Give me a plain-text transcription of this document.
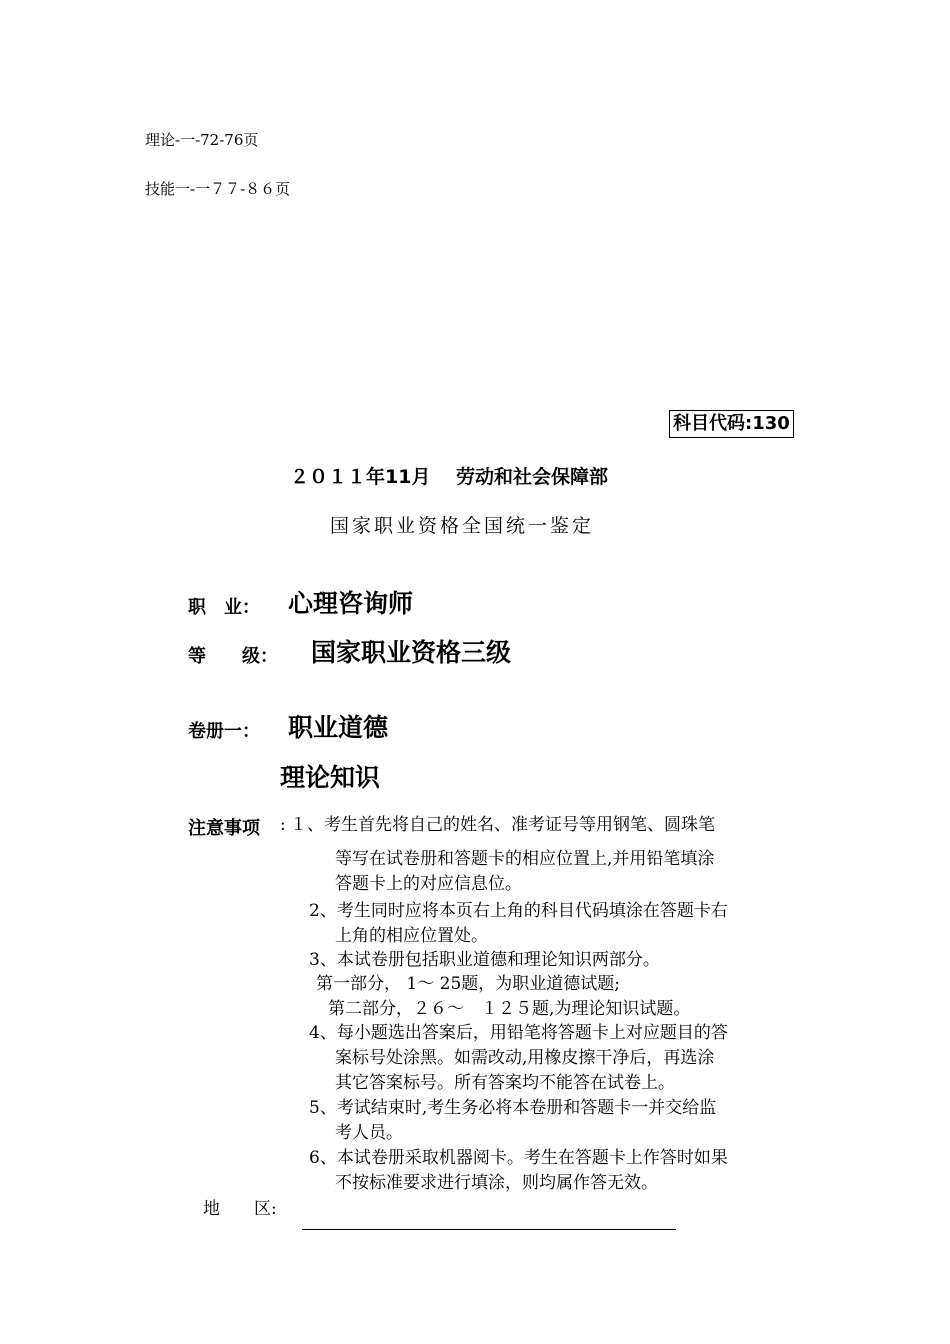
理论-一-72-76页
技能一-一７７-８６页
科目代码:130
２０１１年11月　 劳动和社会保障部
国家职业资格全国统一鉴定
职　业： 心理咨询师
等　　级： 国家职业资格三级
卷册一： 职业道德
理论知识
注意事项 : １、考生首先将自己的姓名、准考证号等用钢笔、圆珠笔
等写在试卷册和答题卡的相应位置上,并用铅笔填涂
答题卡上的对应信息位。
2、考生同时应将本页右上角的科目代码填涂在答题卡右
上角的相应位置处。
3、本试卷册包括职业道德和理论知识两部分。
第一部分， 1～ 25题，为职业道德试题;
第二部分，２６～　１２５题,为理论知识试题。
4、每小题选出答案后，用铅笔将答题卡上对应题目的答
案标号处涂黑。如需改动,用橡皮擦干净后，再选涂
其它答案标号。所有答案均不能答在试卷上。
5、考试结束时,考生务必将本卷册和答题卡一并交给监
考人员。
6、本试卷册采取机器阅卡。考生在答题卡上作答时如果
不按标准要求进行填涂，则均属作答无效。
地　　区:
